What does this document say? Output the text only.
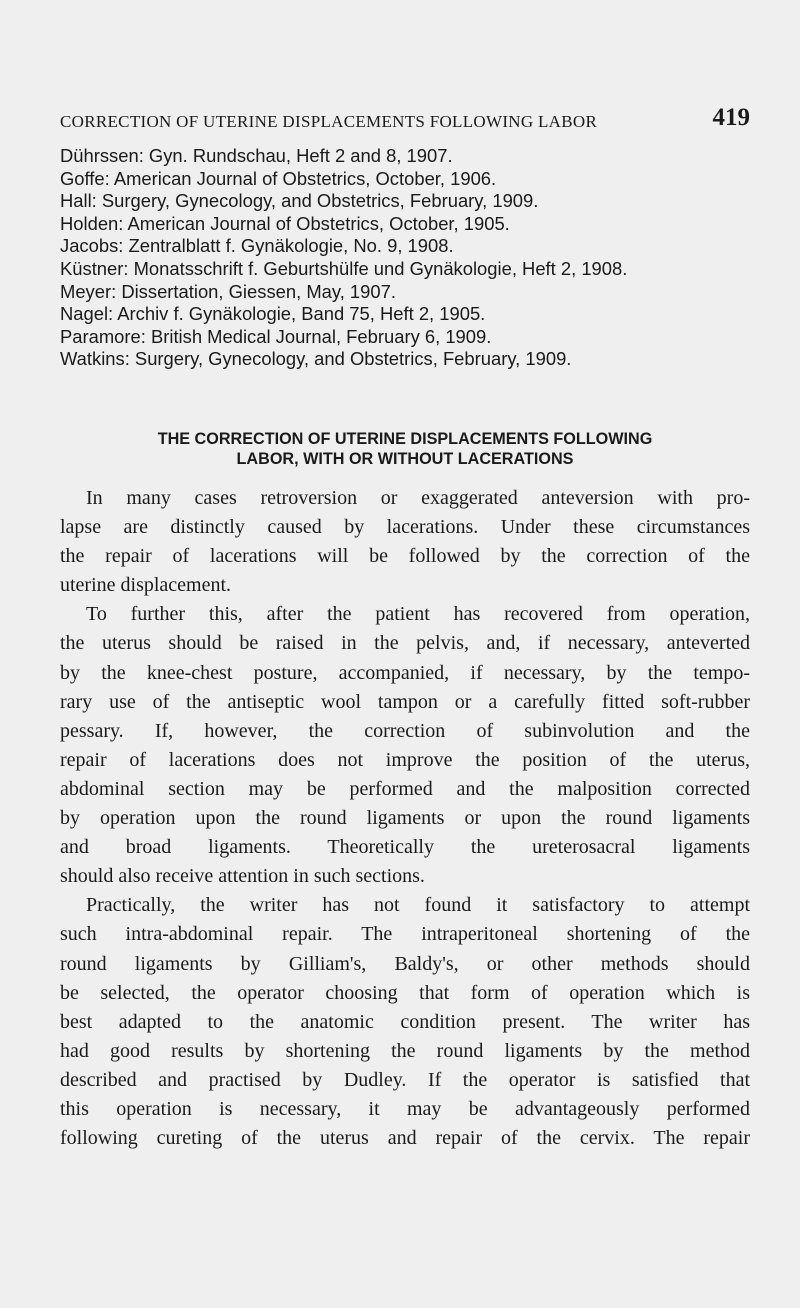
CORRECTION OF UTERINE DISPLACEMENTS FOLLOWING LABOR	419
Dührssen: Gyn. Rundschau, Heft 2 and 8, 1907.
Goffe: American Journal of Obstetrics, October, 1906.
Hall: Surgery, Gynecology, and Obstetrics, February, 1909.
Holden: American Journal of Obstetrics, October, 1905.
Jacobs: Zentralblatt f. Gynäkologie, No. 9, 1908.
Küstner: Monatsschrift f. Geburtshülfe und Gynäkologie, Heft 2, 1908.
Meyer: Dissertation, Giessen, May, 1907.
Nagel: Archiv f. Gynäkologie, Band 75, Heft 2, 1905.
Paramore: British Medical Journal, February 6, 1909.
Watkins: Surgery, Gynecology, and Obstetrics, February, 1909.
THE CORRECTION OF UTERINE DISPLACEMENTS FOLLOWING
LABOR, WITH OR WITHOUT LACERATIONS
In many cases retroversion or exaggerated anteversion with pro-
lapse are distinctly caused by lacerations. Under these circumstances
the repair of lacerations will be followed by the correction of the
uterine displacement.
To further this, after the patient has recovered from operation,
the uterus should be raised in the pelvis, and, if necessary, anteverted
by the knee-chest posture, accompanied, if necessary, by the tempo-
rary use of the antiseptic wool tampon or a carefully fitted soft-rubber
pessary. If, however, the correction of subinvolution and the
repair of lacerations does not improve the position of the uterus,
abdominal section may be performed and the malposition corrected
by operation upon the round ligaments or upon the round ligaments
and broad ligaments. Theoretically the ureterosacral ligaments
should also receive attention in such sections.
Practically, the writer has not found it satisfactory to attempt
such intra-abdominal repair. The intraperitoneal shortening of the
round ligaments by Gilliam's, Baldy's, or other methods should
be selected, the operator choosing that form of operation which is
best adapted to the anatomic condition present. The writer has
had good results by shortening the round ligaments by the method
described and practised by Dudley. If the operator is satisfied that
this operation is necessary, it may be advantageously performed
following cureting of the uterus and repair of the cervix. The repair
